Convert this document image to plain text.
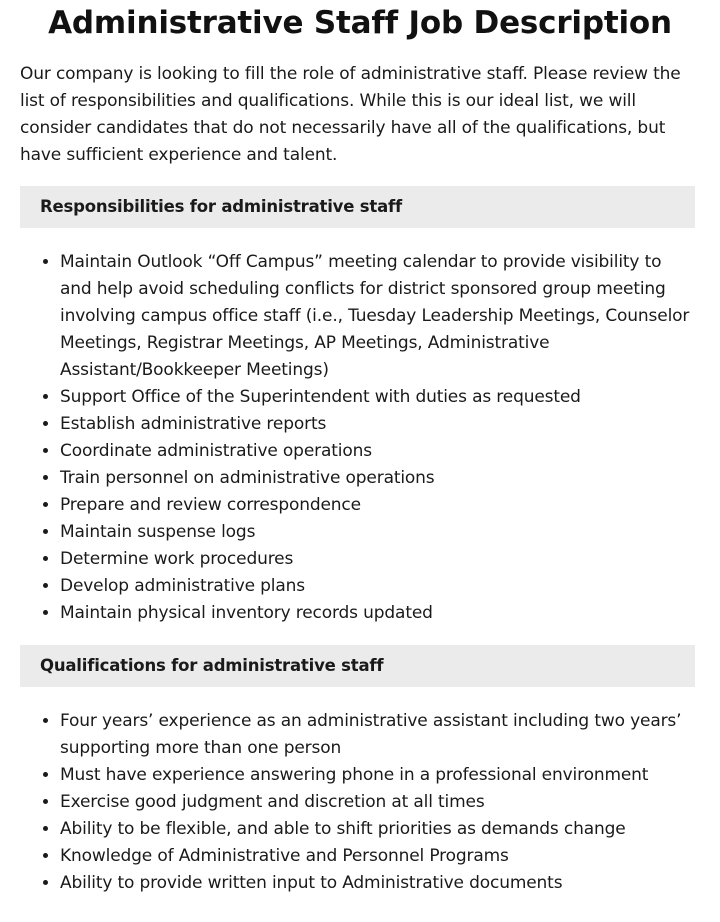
Administrative Staff Job Description

Our company is looking to fill the role of administrative staff. Please review the list of responsibilities and qualifications. While this is our ideal list, we will consider candidates that do not necessarily have all of the qualifications, but have sufficient experience and talent.

Responsibilities for administrative staff
• Maintain Outlook “Off Campus” meeting calendar to provide visibility to and help avoid scheduling conflicts for district sponsored group meeting involving campus office staff (i.e., Tuesday Leadership Meetings, Counselor Meetings, Registrar Meetings, AP Meetings, Administrative Assistant/Bookkeeper Meetings)
• Support Office of the Superintendent with duties as requested
• Establish administrative reports
• Coordinate administrative operations
• Train personnel on administrative operations
• Prepare and review correspondence
• Maintain suspense logs
• Determine work procedures
• Develop administrative plans
• Maintain physical inventory records updated
Qualifications for administrative staff
• Four years’ experience as an administrative assistant including two years’ supporting more than one person
• Must have experience answering phone in a professional environment
• Exercise good judgment and discretion at all times
• Ability to be flexible, and able to shift priorities as demands change
• Knowledge of Administrative and Personnel Programs
• Ability to provide written input to Administrative documents
